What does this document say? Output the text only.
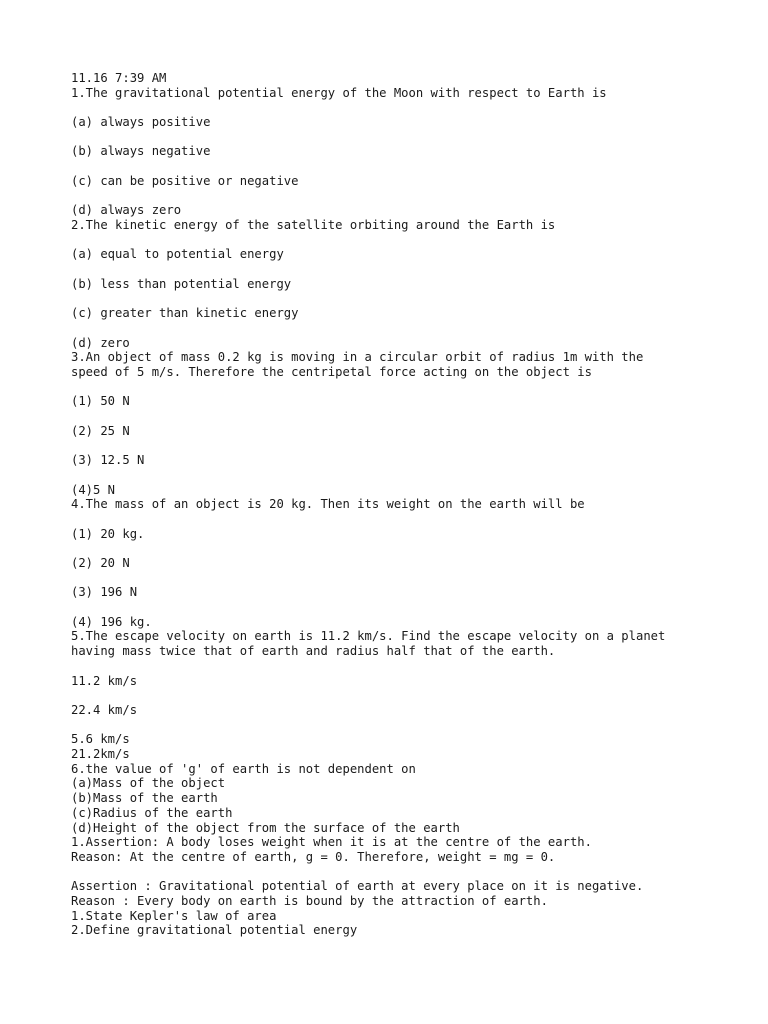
11.16 7:39 AM
1.The gravitational potential energy of the Moon with respect to Earth is
(a) always positive
(b) always negative
(c) can be positive or negative
(d) always zero
2.The kinetic energy of the satellite orbiting around the Earth is
(a) equal to potential energy
(b) less than potential energy
(c) greater than kinetic energy
(d) zero
3.An object of mass 0.2 kg is moving in a circular orbit of radius 1m with the
speed of 5 m/s. Therefore the centripetal force acting on the object is
(1) 50 N
(2) 25 N
(3) 12.5 N
(4)5 N
4.The mass of an object is 20 kg. Then its weight on the earth will be
(1) 20 kg.
(2) 20 N
(3) 196 N
(4) 196 kg.
5.The escape velocity on earth is 11.2 km/s. Find the escape velocity on a planet
having mass twice that of earth and radius half that of the earth.
11.2 km/s
22.4 km/s
5.6 km/s
21.2km/s
6.the value of 'g' of earth is not dependent on
(a)Mass of the object
(b)Mass of the earth
(c)Radius of the earth
(d)Height of the object from the surface of the earth
1.Assertion: A body loses weight when it is at the centre of the earth.
Reason: At the centre of earth, g = 0. Therefore, weight = mg = 0.
Assertion : Gravitational potential of earth at every place on it is negative.
Reason : Every body on earth is bound by the attraction of earth.
1.State Kepler's law of area
2.Define gravitational potential energy
